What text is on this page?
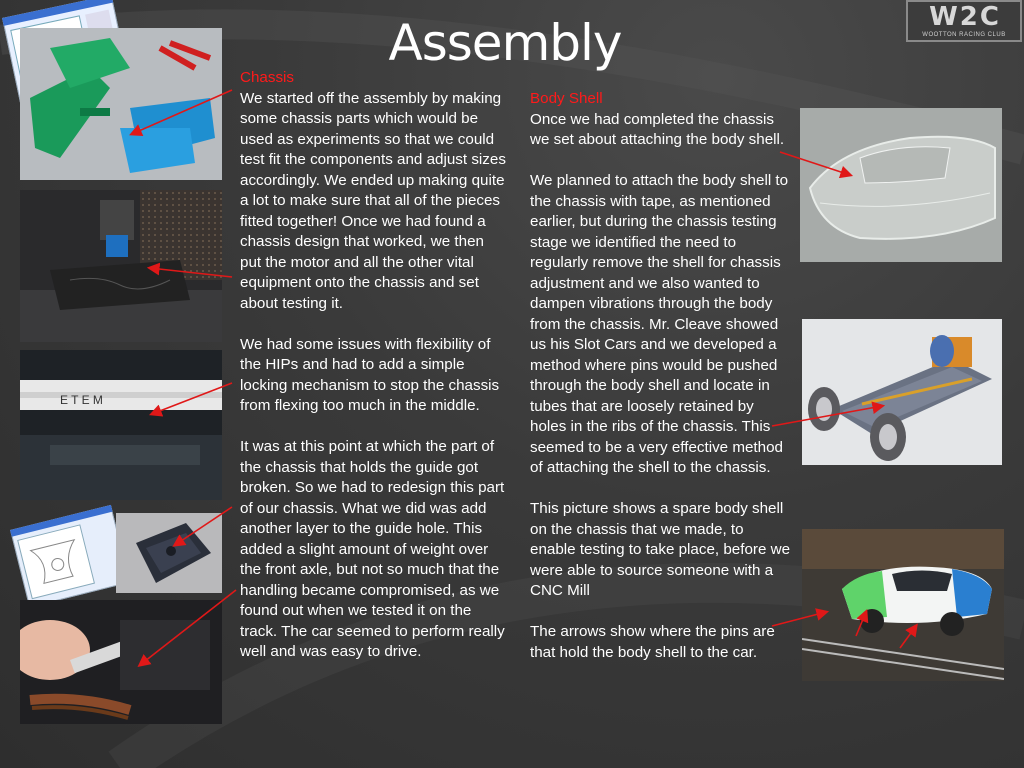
Assembly	W2C
WOOTTON RACING CLUB
E T E M
Chassis

We started off the assembly by making some chassis parts which would be used as experiments so that we could test fit the components and adjust sizes accordingly. We ended up making quite a lot to make sure that all of the pieces fitted together! Once we had found a chassis design that worked, we then put the motor and all the other vital equipment onto the chassis and set about testing it.

We had some issues with flexibility of the HIPs and had to add a simple locking mechanism to stop the chassis from flexing too much in the middle.

It was at this point at which the part of the chassis that holds the guide got broken. So we had to redesign this part of our chassis. What we did was add another layer to the guide hole. This added a slight amount of weight over the front axle, but not so much that the handling became compromised, as we found out when we tested it on the track. The car seemed to perform really well and was easy to drive.

Body Shell

Once we had completed the chassis we set about attaching the body shell.

We planned to attach the body shell to the chassis with tape, as mentioned earlier, but during the chassis testing stage we identified the need to regularly remove the shell for chassis adjustment and we also wanted to dampen vibrations through the body from the chassis. Mr. Cleave showed us his Slot Cars and we developed a method where pins would be pushed through the body shell and locate in tubes that are loosely retained by holes in the ribs of the chassis. This seemed to be a very effective method of attaching the shell to the chassis.

This picture shows a spare body shell on the chassis that we made, to enable testing to take place, before we were able to source someone with a CNC Mill

The arrows show where the pins are that hold the body shell to the car.
